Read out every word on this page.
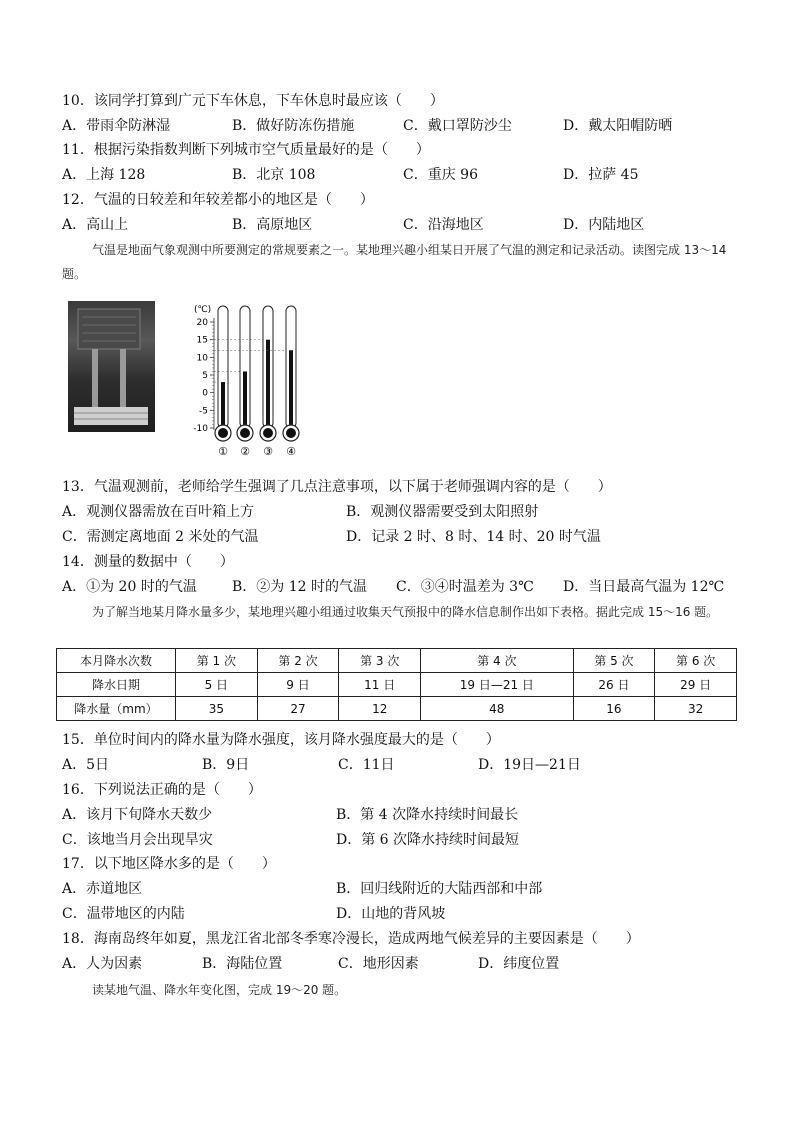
10．该同学打算到广元下车休息，下车休息时最应该（　　）
A．带雨伞防淋湿	B．做好防冻伤措施	C．戴口罩防沙尘	D．戴太阳帽防晒
11．根据污染指数判断下列城市空气质量最好的是（　　）
A．上海 128	B．北京 108	C．重庆 96	D．拉萨 45
12．气温的日较差和年较差都小的地区是（　　）
A．高山上	B．高原地区	C．沿海地区	D．内陆地区
气温是地面气象观测中所要测定的常规要素之一。某地理兴趣小组某日开展了气温的测定和记录活动。读图完成 13～14 题。
(℃)
20
15
10
5
0
-5
-10
① ② ③ ④
13．气温观测前，老师给学生强调了几点注意事项，以下属于老师强调内容的是（　　）
A．观测仪器需放在百叶箱上方	B．观测仪器需要受到太阳照射
C．需测定离地面 2 米处的气温	D．记录 2 时、8 时、14 时、20 时气温
14．测量的数据中（　　）
A．①为 20 时的气温	B．②为 12 时的气温 C．③④时温差为 3℃ D．当日最高气温为 12℃
为了解当地某月降水量多少，某地理兴趣小组通过收集天气预报中的降水信息制作出如下表格。据此完成 15～16 题。
本月降水次数	第 1 次	第 2 次	第 3 次	第 4 次	第 5 次	第 6 次
降水日期	5 日	9 日	11 日	19 日—21 日	26 日	29 日
降水量（mm）	35	27	12	48	16	32
15．单位时间内的降水量为降水强度，该月降水强度最大的是（　　）
A．5日	B．9日	C．11日	D．19日—21日
16．下列说法正确的是（　　）
A．该月下旬降水天数少	B．第 4 次降水持续时间最长
C．该地当月会出现旱灾	D．第 6 次降水持续时间最短
17．以下地区降水多的是（　　）
A．赤道地区	B．回归线附近的大陆西部和中部
C．温带地区的内陆	D．山地的背风坡
18．海南岛终年如夏，黑龙江省北部冬季寒冷漫长，造成两地气候差异的主要因素是（　　）
A．人为因素	B．海陆位置	C．地形因素	D．纬度位置
读某地气温、降水年变化图，完成 19～20 题。
